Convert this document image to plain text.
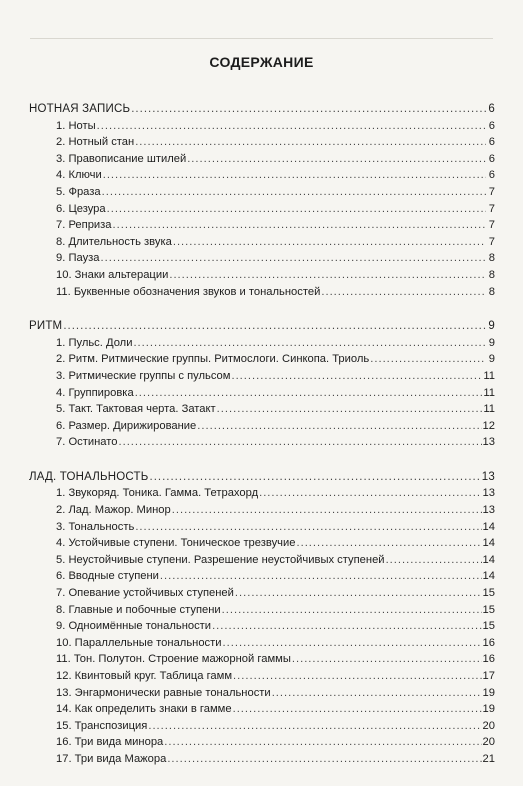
СОДЕРЖАНИЕ
НОТНАЯ ЗАПИСЬ .....	6
1. Ноты .....	6
2. Нотный стан .....	6
3. Правописание штилей .....	6
4. Ключи .....	6
5. Фраза .....	7
6. Цезура .....	7
7. Реприза .....	7
8. Длительность звука .....	7
9. Пауза .....	8
10. Знаки альтерации .....	8
11. Буквенные обозначения звуков и тональностей .....	8
РИТМ .....	9
1. Пульс. Доли .....	9
2. Ритм. Ритмические группы. Ритмослоги. Синкопа. Триоль .....	9
3. Ритмические группы с пульсом .....	11
4. Группировка .....	11
5. Такт. Тактовая черта. Затакт .....	11
6. Размер. Дирижирование .....	12
7. Остинато .....	13
ЛАД. ТОНАЛЬНОСТЬ .....	13
1. Звукоряд. Тоника. Гамма. Тетрахорд .....	13
2. Лад. Мажор. Минор .....	13
3. Тональность .....	14
4. Устойчивые ступени. Тоническое трезвучие .....	14
5. Неустойчивые ступени. Разрешение неустойчивых ступеней .....	14
6. Вводные ступени .....	14
7. Опевание устойчивых ступеней .....	15
8. Главные и побочные ступени .....	15
9. Одноимённые тональности .....	15
10. Параллельные тональности .....	16
11. Тон. Полутон. Строение мажорной гаммы .....	16
12. Квинтовый круг. Таблица гамм .....	17
13. Энгармонически равные тональности .....	19
14. Как определить знаки в гамме .....	19
15. Транспозиция .....	20
16. Три вида минора .....	20
17. Три вида Мажора .....	21
